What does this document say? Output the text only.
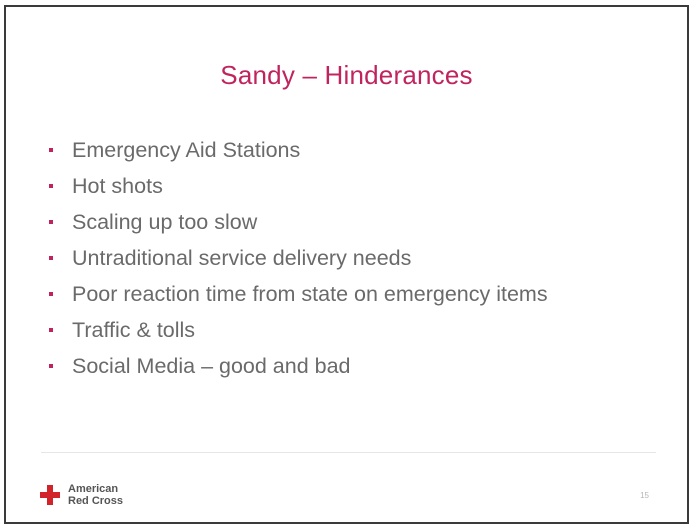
Sandy – Hinderances
Emergency Aid Stations
Hot shots
Scaling up too slow
Untraditional service delivery needs
Poor reaction time from state on emergency items
Traffic & tolls
Social Media – good and bad
American
Red Cross	15
